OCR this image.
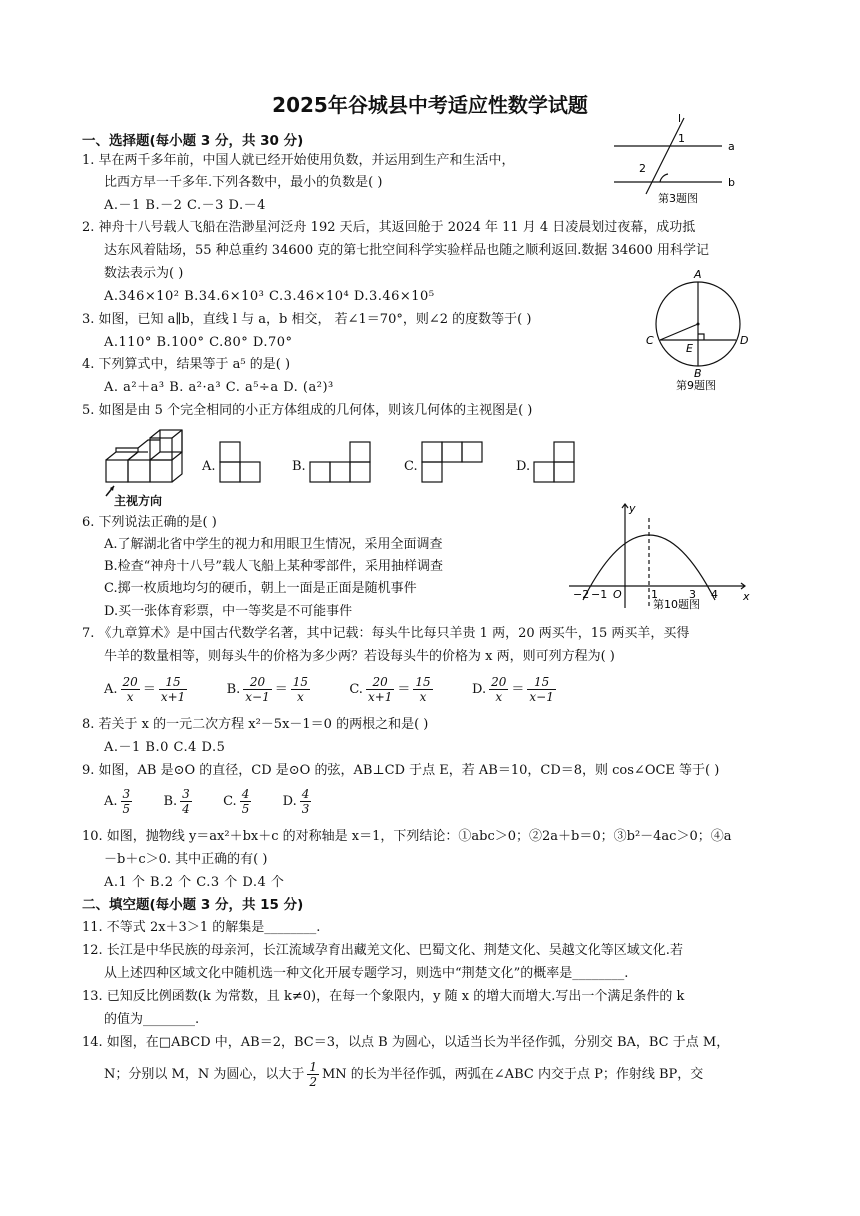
2025年谷城县中考适应性数学试题
一、选择题(每小题 3 分，共 30 分)
1. 早在两千多年前，中国人就已经开始使用负数，并运用到生产和生活中，
比西方早一千多年.下列各数中，最小的负数是( )
A.－1 B.－2 C.－3 D.－4
2. 神舟十八号载人飞船在浩渺星河泛舟 192 天后，其返回舱于 2024 年 11 月 4 日凌晨划过夜幕，成功抵
达东风着陆场，55 种总重约 34600 克的第七批空间科学实验样品也随之顺利返回.数据 34600 用科学记
数法表示为( )
A.346×10² B.34.6×10³ C.3.46×10⁴ D.3.46×10⁵
3. 如图，已知 a∥b，直线 l 与 a，b 相交， 若∠1＝70°，则∠2 的度数等于( )
A.110° B.100° C.80° D.70°
4. 下列算式中，结果等于 a⁵ 的是( )
A. a²＋a³ B. a²·a³ C. a⁵÷a D. (a²)³
5. 如图是由 5 个完全相同的小正方体组成的几何体，则该几何体的主视图是( )
主视方向
A.	B.	C.	D.
6. 下列说法正确的是( )
A.了解湖北省中学生的视力和用眼卫生情况，采用全面调查
B.检查“神舟十八号”载人飞船上某种零部件，采用抽样调查
C.掷一枚质地均匀的硬币，朝上一面是正面是随机事件
D.买一张体育彩票，中一等奖是不可能事件
7. 《九章算术》是中国古代数学名著，其中记载：每头牛比每只羊贵 1 两，20 两买牛，15 两买羊，买得
牛羊的数量相等，则每头牛的价格为多少两？若设每头牛的价格为 x 两，则可列方程为( )
A. $\frac{20}{x} = \frac{15}{x+1}$	B. $\frac{20}{x-1} = \frac{15}{x}$	C. $\frac{20}{x+1} = \frac{15}{x}$	D. $\frac{20}{x} = \frac{15}{x-1}$
8. 若关于 x 的一元二次方程 x²－5x－1＝0 的两根之和是( )
A.－1 B.0 C.4 D.5
9. 如图，AB 是⊙O 的直径，CD 是⊙O 的弦，AB⊥CD 于点 E，若 AB＝10，CD＝8，则 cos∠OCE 等于( )
A. $\frac{3}{5} B$. $\frac{3}{4} C$. $\frac{4}{5} D$. $\frac{4}{3}$
10. 如图，抛物线 y＝ax²＋bx＋c 的对称轴是 x＝1，下列结论：①abc＞0；②2a＋b＝0；③b²－4ac＞0；④a
－b＋c＞0. 其中正确的有( )
A.1 个 B.2 个 C.3 个 D.4 个
二、填空题(每小题 3 分，共 15 分)
11. 不等式 2x＋3＞1 的解集是________.
12. 长江是中华民族的母亲河，长江流域孕育出藏羌文化、巴蜀文化、荆楚文化、吴越文化等区域文化.若
从上述四种区域文化中随机选一种文化开展专题学习，则选中“荆楚文化”的概率是________.
13. 已知反比例函数(k 为常数，且 k≠0)，在每一个象限内，y 随 x 的增大而增大.写出一个满足条件的 k
的值为________.
14. 如图，在□ABCD 中，AB＝2，BC＝3，以点 B 为圆心，以适当长为半径作弧，分别交 BA，BC 于点 M，
N；分别以 M，N 为圆心，以大于 $\frac{1}{2}$ MN 的长为半径作弧，两弧在∠ABC 内交于点 P；作射线 BP，交
l
a
b
1
2
第3题图
A
C	D
E
B
第9题图
y
x
O
−2 −1	1	3 4
第10题图
